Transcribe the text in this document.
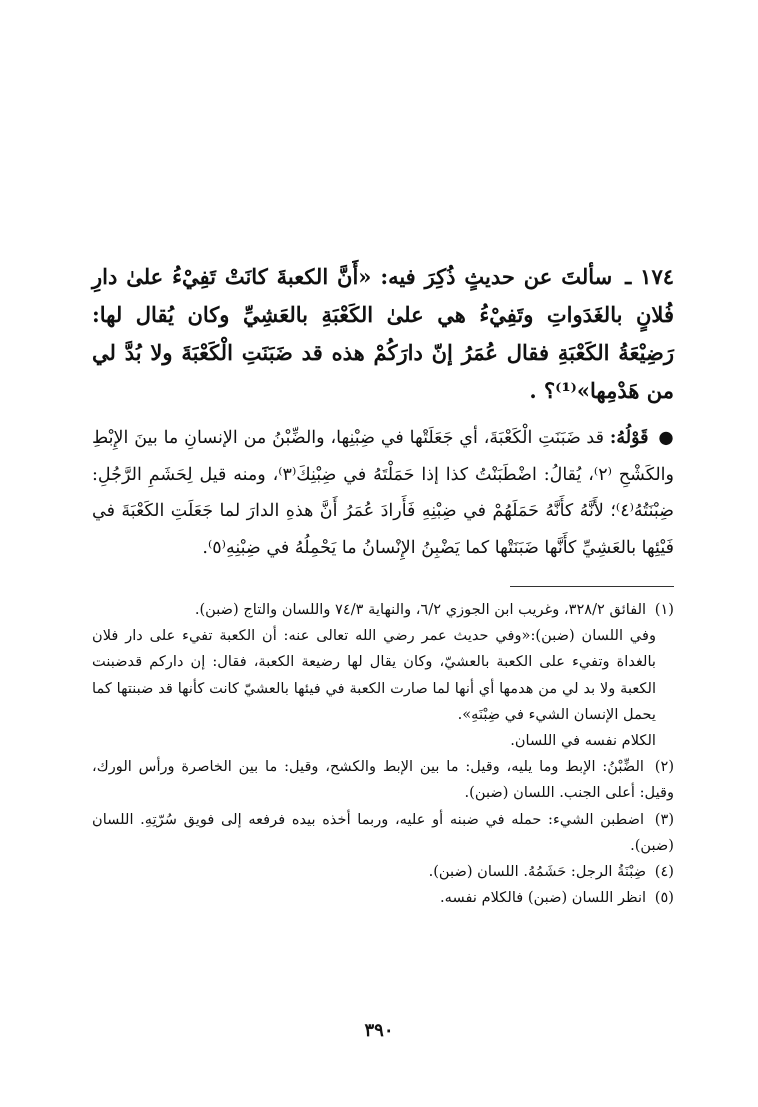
١٧٤ ـ سألتَ عن حديثٍ ذُكِرَ فيه: «أَنَّ الكعبةَ كانَتْ تَفِيْءُ علىٰ دارِ فُلانٍ بالغَدَواتِ وتَفِيْءُ هي علىٰ الكَعْبَةِ بالعَشِيِّ وكان يُقال لها: رَضِيْعَةُ الكَعْبَةِ فقال عُمَرُ إنّ دارَكُمْ هذه قد ضَبَنَتِ الْكَعْبَةَ ولا بُدَّ لي من هَدْمِها»⁽¹⁾؟ .

● قَوْلُهُ: قد ضَبَنَتِ الْكَعْبَةَ، أي جَعَلَتْها في ضِبْنِها، والضِّبْنُ من الإنسانِ ما بينَ الإِبْطِ والكَشْحِ ⁽٢⁾، يُقالُ: اضْطَبَنْتُ كذا إذا حَمَلْتَهُ في ضِبْنِكَ⁽٣⁾، ومنه قيل لِحَشَمِ الرَّجُلِ: ضِبْنَتُهُ⁽٤⁾؛ لأَنَّهُ كأَنَّهُ حَمَلَهُمْ في ضِبْنِهِ فَأَرادَ عُمَرُ أَنَّ هذهِ الدارَ لما جَعَلَتِ الكَعْبَةَ في فَيْئِها بالعَشِيِّ كأَنَّها ضَبَنَتْها كما يَضْبِنُ الإِنْسانُ ما يَحْمِلُهُ في ضِبْنِهِ⁽٥⁾.
(١) الفائق ٣٢٨/٢، وغريب ابن الجوزي ٦/٢، والنهاية ٧٤/٣ واللسان والتاج (ضبن).
وفي اللسان (ضبن):«وفي حديث عمر رضي الله تعالى عنه: أن الكعبة تفيء على دار فلان بالغداة وتفيء على الكعبة بالعشيّ، وكان يقال لها رضيعة الكعبة، فقال: إن داركم قدضبنت الكعبة ولا بد لي من هدمها أي أنها لما صارت الكعبة في فيئها بالعشيّ كانت كأنها قد ضبنتها كما يحمل الإنسان الشيء في ضِبْنَهِ».
الكلام نفسه في اللسان.
(٢) الضِّبْنُ: الإبط وما يليه، وقيل: ما بين الإبط والكشح، وقيل: ما بين الخاصرة ورأس الورك، وقيل: أعلى الجنب. اللسان (ضبن).
(٣) اضطبن الشيء: حمله في ضبنه أو عليه، وربما أخذه بيده فرفعه إلى فويق سُرّتِهِ. اللسان (ضبن).
(٤) ضِبْنَةُ الرجل: حَشَمُهُ. اللسان (ضبن).
(٥) انظر اللسان (ضبن) فالكلام نفسه.
٣٩٠
